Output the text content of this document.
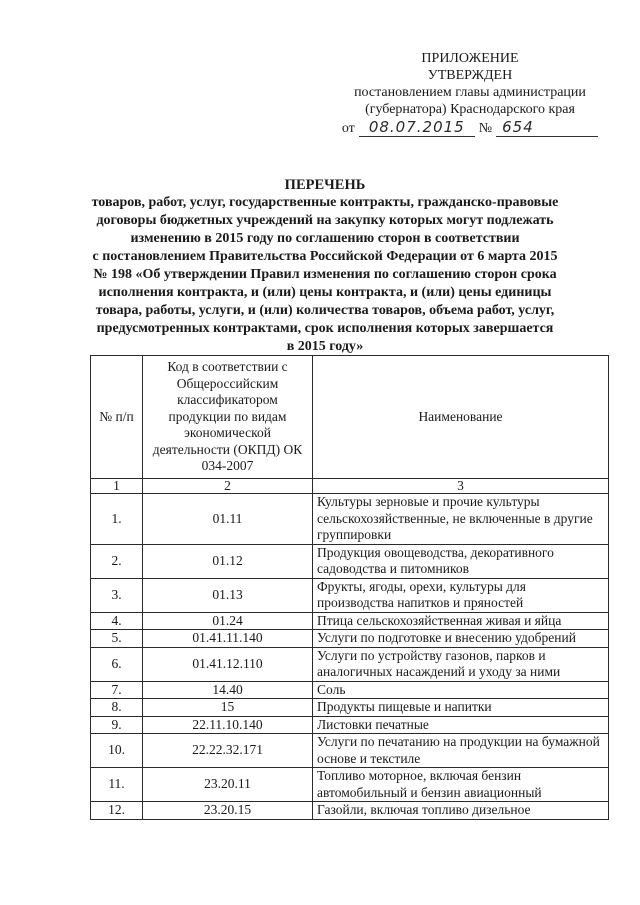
ПРИЛОЖЕНИЕ
УТВЕРЖДЕН
постановлением главы администрации
(губернатора) Краснодарского края
от 08.07.2015	№ 654
ПЕРЕЧЕНЬ
товаров, работ, услуг, государственные контракты, гражданско-правовые
договоры бюджетных учреждений на закупку которых могут подлежать
изменению в 2015 году по соглашению сторон в соответствии
с постановлением Правительства Российской Федерации от 6 марта 2015
№ 198 «Об утверждении Правил изменения по соглашению сторон срока
исполнения контракта, и (или) цены контракта, и (или) цены единицы
товара, работы, услуги, и (или) количества товаров, объема работ, услуг,
предусмотренных контрактами, срок исполнения которых завершается
в 2015 году»
№ п/п	Код в соответствии с Общероссийским классификатором продукции по видам экономической деятельности (ОКПД) ОК 034-2007	Наименование
1	2	3
1.	01.11	Культуры зерновые и прочие культуры сельскохозяйственные, не включенные в другие группировки
2.	01.12	Продукция овощеводства, декоративного садоводства и питомников
3.	01.13	Фрукты, ягоды, орехи, культуры для производства напитков и пряностей
4.	01.24	Птица сельскохозяйственная живая и яйца
5.	01.41.11.140	Услуги по подготовке и внесению удобрений
6.	01.41.12.110	Услуги по устройству газонов, парков и аналогичных насаждений и уходу за ними
7.	14.40	Соль
8.	15	Продукты пищевые и напитки
9.	22.11.10.140	Листовки печатные
10.	22.22.32.171	Услуги по печатанию на продукции на бумажной основе и текстиле
11.	23.20.11	Топливо моторное, включая бензин автомобильный и бензин авиационный
12.	23.20.15	Газойли, включая топливо дизельное
